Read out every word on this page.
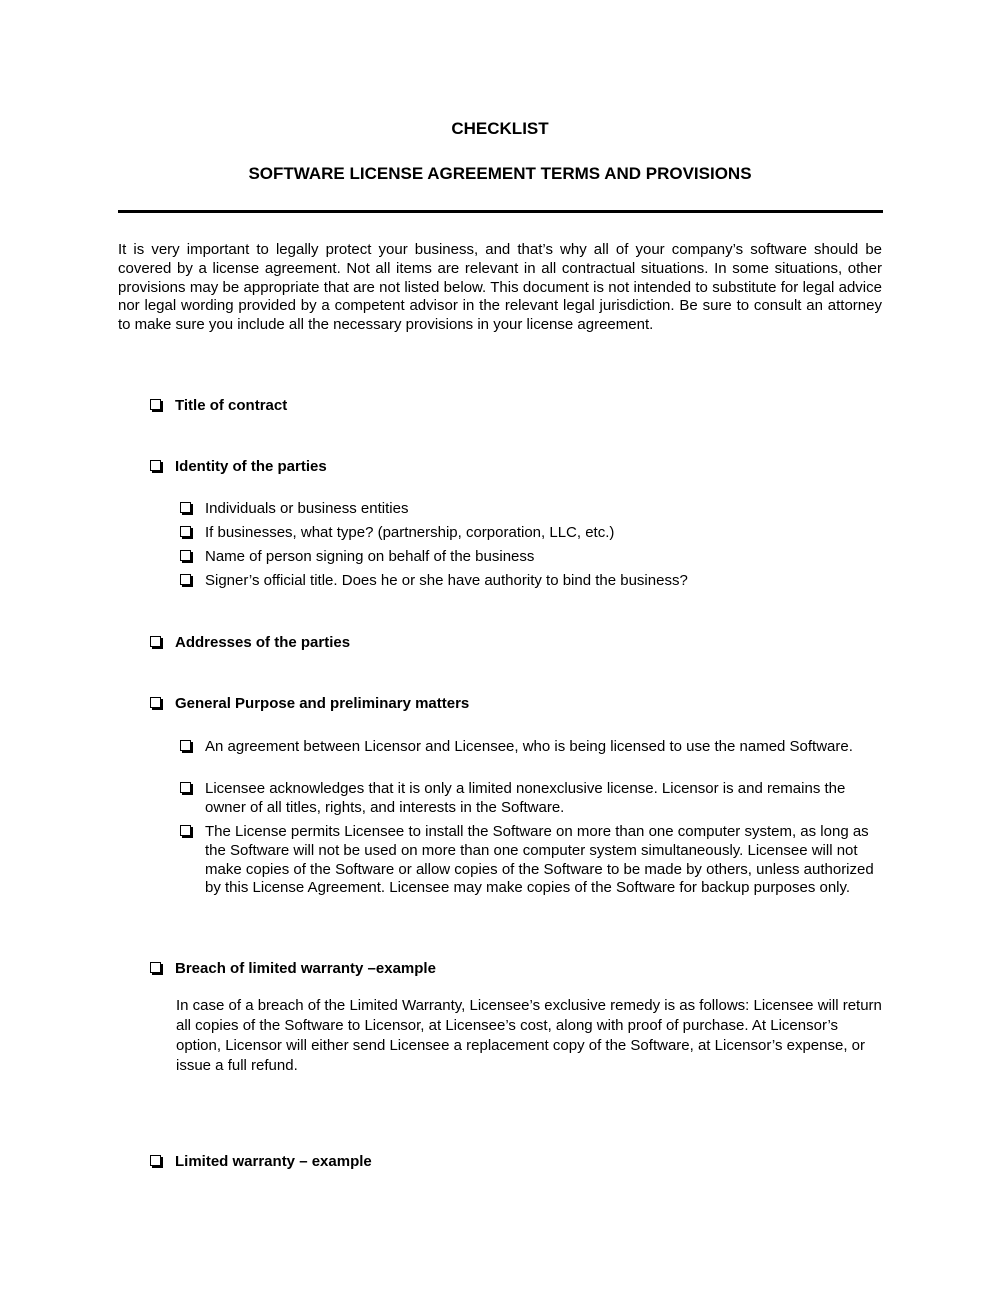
CHECKLIST
SOFTWARE LICENSE AGREEMENT TERMS AND PROVISIONS

It is very important to legally protect your business, and that’s why all of your company’s software should be covered by a license agreement. Not all items are relevant in all contractual situations. In some situations, other provisions may be appropriate that are not listed below. This document is not intended to substitute for legal advice nor legal wording provided by a competent advisor in the relevant legal jurisdiction. Be sure to consult an attorney to make sure you include all the necessary provisions in your license agreement.

Title of contract
Identity of the parties
Individuals or business entities
If businesses, what type? (partnership, corporation, LLC, etc.)
Name of person signing on behalf of the business
Signer’s official title. Does he or she have authority to bind the business?
Addresses of the parties
General Purpose and preliminary matters
An agreement between Licensor and Licensee, who is being licensed to use the named Software.
Licensee acknowledges that it is only a limited nonexclusive license. Licensor is and remains the owner of all titles, rights, and interests in the Software.
The License permits Licensee to install the Software on more than one computer system, as long as the Software will not be used on more than one computer system simultaneously. Licensee will not make copies of the Software or allow copies of the Software to be made by others, unless authorized by this License Agreement. Licensee may make copies of the Software for backup purposes only.
Breach of limited warranty –example

In case of a breach of the Limited Warranty, Licensee’s exclusive remedy is as follows: Licensee will return all copies of the Software to Licensor, at Licensee’s cost, along with proof of purchase. At Licensor’s option, Licensor will either send Licensee a replacement copy of the Software, at Licensor’s expense, or issue a full refund.

Limited warranty – example
